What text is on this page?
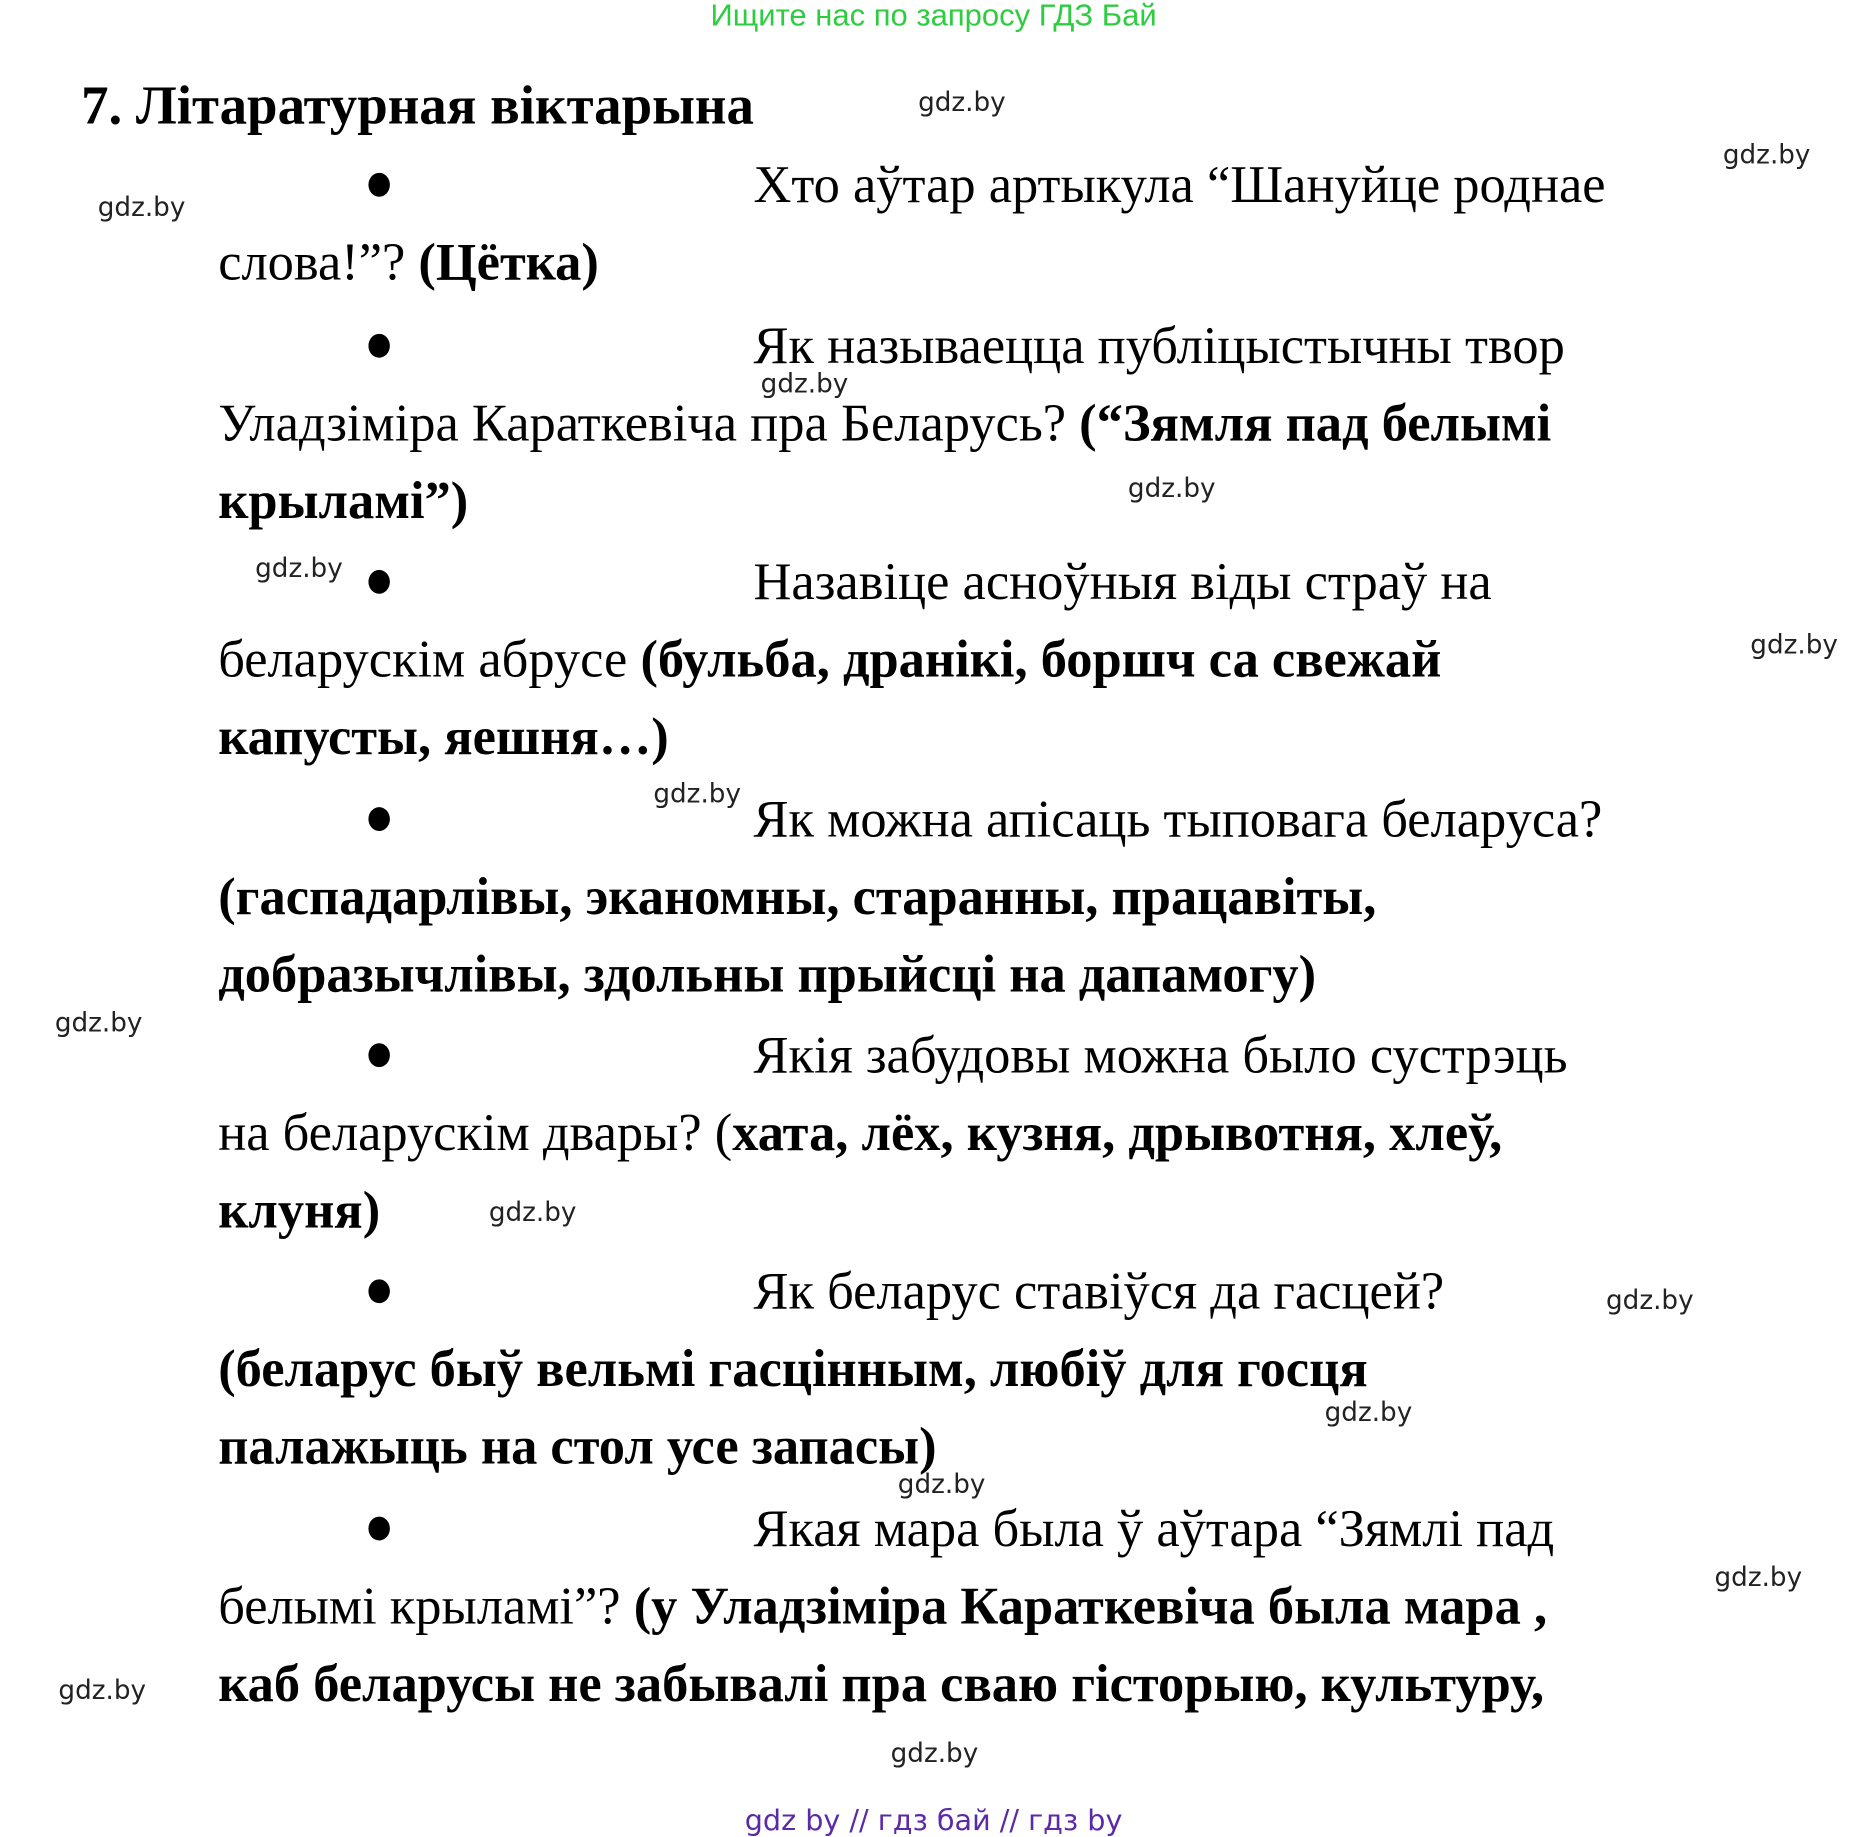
Ищите нас по запросу ГДЗ Бай
7. Літаратурная віктарына
Хто аўтар артыкула “Шануйце роднае
слова!”? (Цётка)
Як называецца публіцыстычны твор
Уладзіміра Караткевіча пра Беларусь? (“Зямля пад белымі
крыламі”)
Назавіце асноўныя віды страў на
беларускім абрусе (бульба, дранікі, боршч са свежай
капусты, яешня…)
Як можна апісаць тыповага беларуса?
(гаспадарлівы, эканомны, старанны, працавіты,
добразычлівы, здольны прыйсці на дапамогу)
Якія забудовы можна было сустрэць
на беларускім двары? (хата, лёх, кузня, дрывотня, хлеў,
клуня)
Як беларус ставіўся да гасцей?
(беларус быў вельмі гасцінным, любіў для госця
палажыць на стол усе запасы)
Якая мара была ў аўтара “Зямлі пад
белымі крыламі”? (у Уладзіміра Караткевіча была мара ,
каб беларусы не забывалі пра сваю гісторыю, культуру,
gdz.by
gdz.by
gdz.by
gdz.by
gdz.by
gdz.by
gdz.by
gdz.by
gdz.by
gdz.by
gdz.by
gdz.by
gdz.by
gdz.by
gdz.by
gdz.by
gdz by // гдз бай // гдз by
